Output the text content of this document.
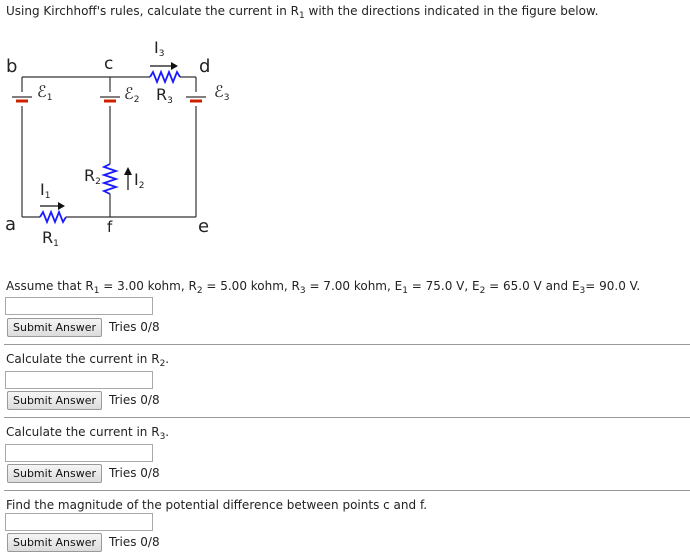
Using Kirchhoff's rules, calculate the current in $R_1$ with the directions indicated in the figure below.
b	c	d
a	f	e
ℰ$_1$	ℰ$_2$	ℰ$_3$
$R_3$
$R_2$
$R_1$
$I_3$
$I_2$
$I_1$
Assume that $R_1 = 3.00$ kohm, $R_2 = 5.00$ kohm, $R_3 = 7.00$ kohm, $E_1 = 75.0$ V, $E_2 = 65.0$ V and $E_3= 90.0$ V.
Submit Answer	Tries 0/8
Calculate the current in $R_2$.
Submit Answer	Tries 0/8
Calculate the current in $R_3$.
Submit Answer	Tries 0/8
Find the magnitude of the potential difference between points c and f.
Submit Answer	Tries 0/8
